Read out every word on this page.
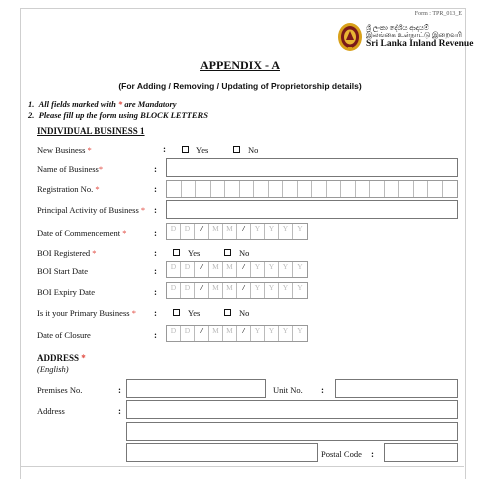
Form : TPR_013_E
ශ්‍රී ලංකා දේශීය ආදායම්
இலங்கை உள்நாட்டு இறைவரி
Sri Lanka Inland Revenue
APPENDIX - A
(For Adding / Removing / Updating of Proprietorship details)
1. All fields marked with * are Mandatory
2. Please fill up the form using BLOCK LETTERS
INDIVIDUAL BUSINESS 1
New Business *	:	Yes	No
Name of Business*	:
Registration No. *	:
Principal Activity of Business * :
Date of Commencement *	:	D	D	/	M M	/	Y	Y	Y	Y
BOI Registered *	:	Yes	No
BOI Start Date	:	D	D	/	M M	/	Y	Y	Y	Y
BOI Expiry Date	:	D	D	/	M M	/	Y	Y	Y	Y
Is it your Primary Business * :	Yes	No
Date of Closure	:	D	D	/	M M	/	Y	Y	Y	Y
ADDRESS *
(English)
Premises No.	:	Unit No. :
Address	:
Postal Code :
